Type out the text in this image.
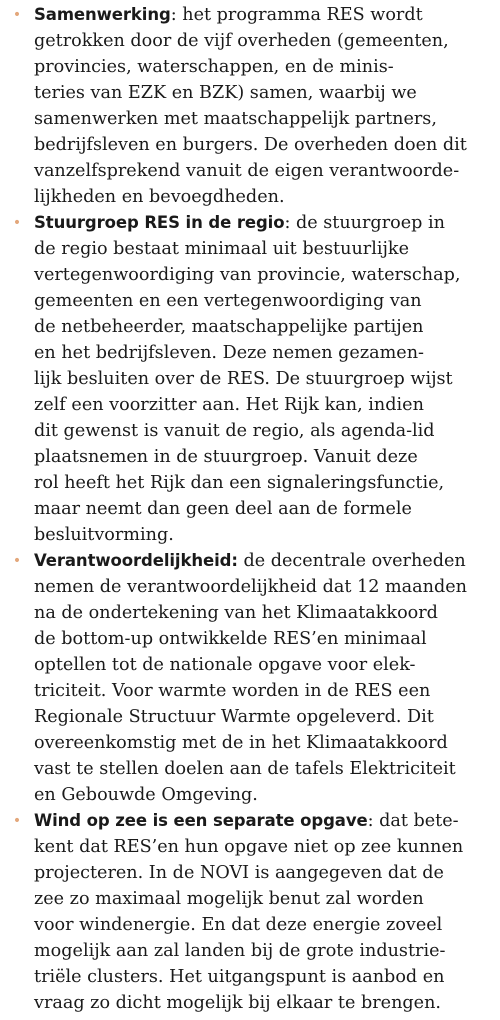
• Samenwerking: het programma RES wordt
getrokken door de vijf overheden (gemeenten,
provincies, waterschappen, en de minis-
teries van EZK en BZK) samen, waarbij we
samenwerken met maatschappelijk partners,
bedrijfsleven en burgers. De overheden doen dit
vanzelfsprekend vanuit de eigen verantwoorde-
lijkheden en bevoegdheden.
• Stuurgroep RES in de regio: de stuurgroep in
de regio bestaat minimaal uit bestuurlijke
vertegenwoordiging van provincie, waterschap,
gemeenten en een vertegenwoordiging van
de netbeheerder, maatschappelijke partijen
en het bedrijfsleven. Deze nemen gezamen-
lijk besluiten over de RES. De stuurgroep wijst
zelf een voorzitter aan. Het Rijk kan, indien
dit gewenst is vanuit de regio, als agenda-lid
plaatsnemen in de stuurgroep. Vanuit deze
rol heeft het Rijk dan een signaleringsfunctie,
maar neemt dan geen deel aan de formele
besluitvorming.
• Verantwoordelijkheid: de decentrale overheden
nemen de verantwoordelijkheid dat 12 maanden
na de ondertekening van het Klimaatakkoord
de bottom-up ontwikkelde RES’en minimaal
optellen tot de nationale opgave voor elek-
triciteit. Voor warmte worden in de RES een
Regionale Structuur Warmte opgeleverd. Dit
overeenkomstig met de in het Klimaatakkoord
vast te stellen doelen aan de tafels Elektriciteit
en Gebouwde Omgeving.
• Wind op zee is een separate opgave: dat bete-
kent dat RES’en hun opgave niet op zee kunnen
projecteren. In de NOVI is aangegeven dat de
zee zo maximaal mogelijk benut zal worden
voor windenergie. En dat deze energie zoveel
mogelijk aan zal landen bij de grote industrie-
triële clusters. Het uitgangspunt is aanbod en
vraag zo dicht mogelijk bij elkaar te brengen.
